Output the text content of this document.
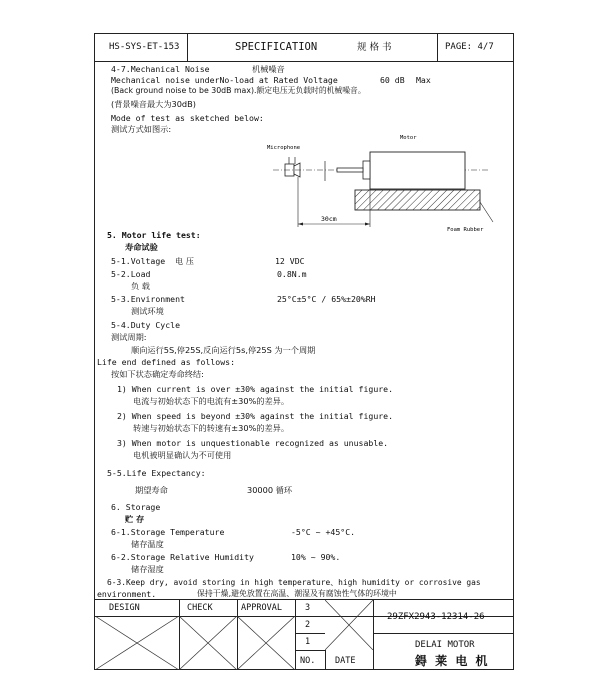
HS-SYS-ET-153	SPECIFICATION	规 格 书	PAGE: 4/7
4-7.Mechanical Noise	机械噪音
Mechanical noise underNo-load at Rated Voltage	60 dB Max
(Back ground noise to be 30dB max).额定电压无负载时的机械噪音。
(背景噪音最大为30dB)
Mode of test as sketched below:
测试方式如图示:
Microphone
Motor
Foam Rubber
30cm
5. Motor life test:
寿命试验
5-1.Voltage 电 压	12 VDC
5-2.Load	0.8N.m
负 载
5-3.Environment	25°C±5°C / 65%±20%RH
测试环境
5-4.Duty Cycle
测试周期:
顺向运行5S,停25S,反向运行5s,停25S 为一个周期
Life end defined as follows:
按如下状态确定寿命终结:
1) When current is over ±30% against the initial figure.
电流与初始状态下的电流有±30%的差异。
2) When speed is beyond ±30% against the initial figure.
转速与初始状态下的转速有±30%的差异。
3) When motor is unquestionable recognized as unusable.
电机被明显确认为不可使用
5-5.Life Expectancy:
期望寿命	30000 循环
6. Storage
贮 存
6-1.Storage Temperature	-5°C ~ +45°C.
储存温度
6-2.Storage Relative Humidity	10% ~ 90%.
储存湿度
6-3.Keep dry, avoid storing in high temperature、high humidity or corrosive gas
environment.	保持干燥,避免放置在高温、潮湿及有腐蚀性气体的环境中
DESIGN	CHECK	APPROVAL	3
2
1
NO. DATE
29ZFX2943-12314-26
DELAI MOTOR
鍀 莱 电 机
